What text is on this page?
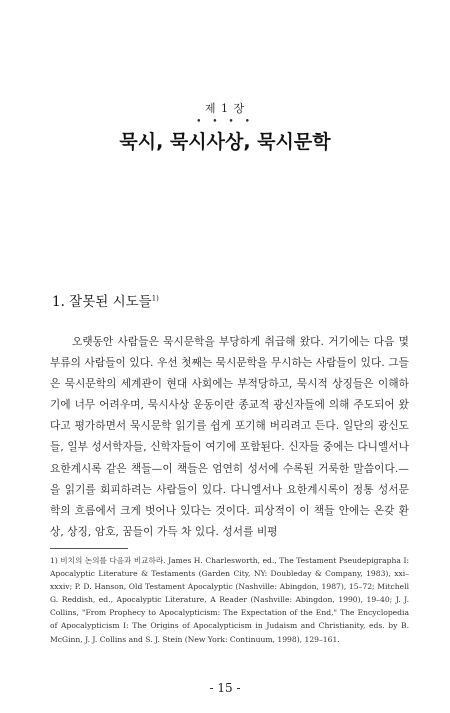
제 1 장
• • • •
묵시, 묵시사상, 묵시문학
1. 잘못된 시도들$^{1)}$

오랫동안 사람들은 묵시문학을 부당하게 취급해 왔다. 거기에는 다음 몇 부류의 사람들이 있다. 우선 첫째는 묵시문학을 무시하는 사람들이 있다. 그들은 묵시문학의 세계관이 현대 사회에는 부적당하고, 묵시적 상징들은 이해하기에 너무 어려우며, 묵시사상 운동이란 종교적 광신자들에 의해 주도되어 왔다고 평가하면서 묵시문학 읽기를 쉽게 포기해 버리려고 든다. 일단의 광신도들, 일부 성서학자들, 신학자들이 여기에 포함된다. 신자들 중에는 다니엘서나 요한계시록 같은 책들—이 책들은 엄연히 성서에 수록된 거룩한 말씀이다.—을 읽기를 회피하려는 사람들이 있다. 다니엘서나 요한계시록이 정통 성서문학의 흐름에서 크게 벗어나 있다는 것이다. 피상적이 이 책들 안에는 온갖 환상, 상징, 암호, 꿈들이 가득 차 있다. 성서를 비평

1) 비치의 논의를 다음과 비교하라. James H. Charlesworth, ed., The Testament Pseudepigrapha I: Apocalyptic Literature & Testaments (Garden City, NY: Doubleday & Company, 1983), xxi–xxxiv; P. D. Hanson, Old Testament Apocalyptic (Nashville: Abingdon, 1987), 15–72; Mitchell G. Reddish, ed., Apocalyptic Literature, A Reader (Nashville: Abingdon, 1990), 19–40; J. J. Collins, "From Prophecy to Apocalypticism: The Expectation of the End," The Encyclopedia of Apocalypticism I: The Origins of Apocalypticism in Judaism and Christianity, eds. by B. McGinn, J. J. Collins and S. J. Stein (New York: Continuum, 1998), 129–161.

- 15 -
